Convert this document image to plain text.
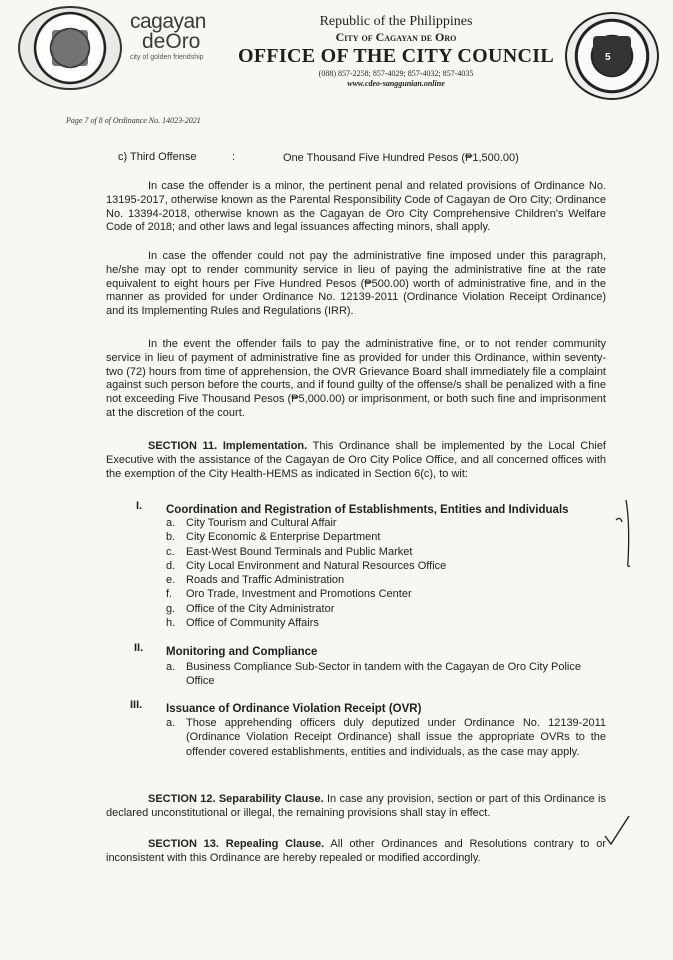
cagayan
deOro
city of golden friendship
Republic of the Philippines
City of Cagayan de Oro
OFFICE OF THE CITY COUNCIL
(088) 857-2258; 857-4029; 857-4032; 857-4035
www.cdeo-sanggunian.online
5
Page 7 of 8 of Ordinance No. 14023-2021
c) Third Offense	:	One Thousand Five Hundred Pesos (₱1,500.00)
In case the offender is a minor, the pertinent penal and related provisions of Ordinance No. 13195-2017, otherwise known as the Parental Responsibility Code of Cagayan de Oro City; Ordinance No. 13394-2018, otherwise known as the Cagayan de Oro City Comprehensive Children's Welfare Code of 2018; and other laws and legal issuances affecting minors, shall apply.
In case the offender could not pay the administrative fine imposed under this paragraph, he/she may opt to render community service in lieu of paying the administrative fine at the rate equivalent to eight hours per Five Hundred Pesos (₱500.00) worth of administrative fine, and in the manner as provided for under Ordinance No. 12139-2011 (Ordinance Violation Receipt Ordinance) and its Implementing Rules and Regulations (IRR).
In the event the offender fails to pay the administrative fine, or to not render community service in lieu of payment of administrative fine as provided for under this Ordinance, within seventy-two (72) hours from time of apprehension, the OVR Grievance Board shall immediately file a complaint against such person before the courts, and if found guilty of the offense/s shall be penalized with a fine not exceeding Five Thousand Pesos (₱5,000.00) or imprisonment, or both such fine and imprisonment at the discretion of the court.
SECTION 11. Implementation. This Ordinance shall be implemented by the Local Chief Executive with the assistance of the Cagayan de Oro City Police Office, and all concerned offices with the exemption of the City Health-HEMS as indicated in Section 6(c), to wit:
I. Coordination and Registration of Establishments, Entities and Individuals
a. City Tourism and Cultural Affair
b. City Economic & Enterprise Department
c. East-West Bound Terminals and Public Market
d. City Local Environment and Natural Resources Office
e. Roads and Traffic Administration
f. Oro Trade, Investment and Promotions Center
g. Office of the City Administrator
h. Office of Community Affairs
II. Monitoring and Compliance
a. Business Compliance Sub-Sector in tandem with the Cagayan de Oro City Police Office
III. Issuance of Ordinance Violation Receipt (OVR)
a. Those apprehending officers duly deputized under Ordinance No. 12139-2011 (Ordinance Violation Receipt Ordinance) shall issue the appropriate OVRs to the offender covered establishments, entities and individuals, as the case may apply.
SECTION 12. Separability Clause. In case any provision, section or part of this Ordinance is declared unconstitutional or illegal, the remaining provisions shall stay in effect.
SECTION 13. Repealing Clause. All other Ordinances and Resolutions contrary to or inconsistent with this Ordinance are hereby repealed or modified accordingly.
